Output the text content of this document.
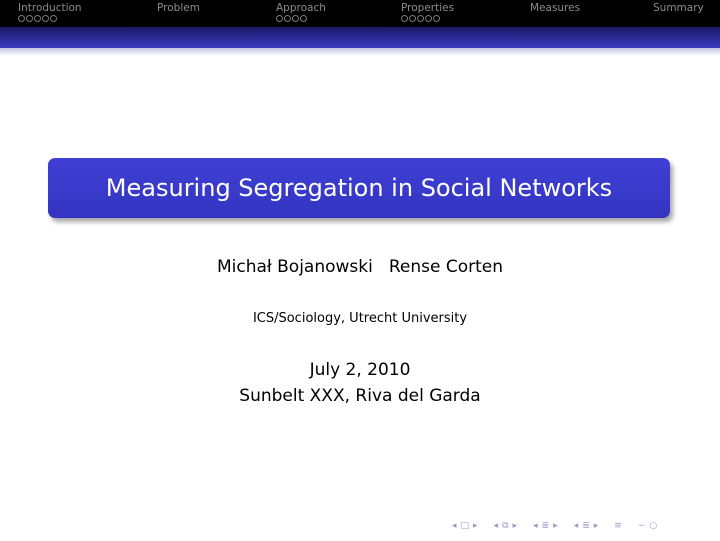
Introduction	Problem	Approach	Properties	Measures	Summary
Measuring Segregation in Social Networks
Michał Bojanowski Rense Corten
ICS/Sociology, Utrecht University
July 2, 2010
Sunbelt XXX, Riva del Garda
◂ □ ▸ ◂ ⧉ ▸ ◂ ≣ ▸ ◂ ≣ ▸ ≡ ∽ ○
